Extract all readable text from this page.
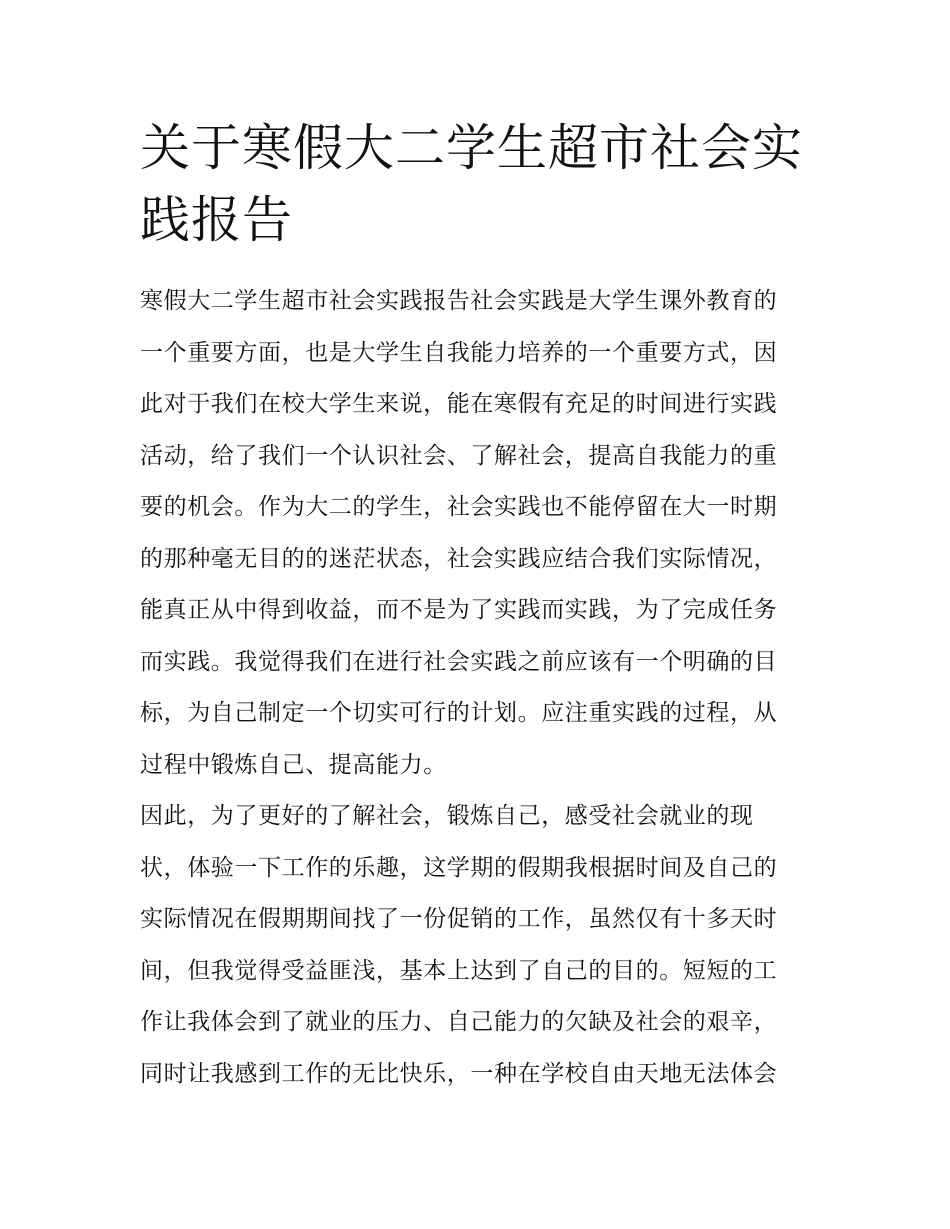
关于寒假大二学生超市社会实
践报告
寒假大二学生超市社会实践报告社会实践是大学生课外教育的
一个重要方面，也是大学生自我能力培养的一个重要方式，因
此对于我们在校大学生来说，能在寒假有充足的时间进行实践
活动，给了我们一个认识社会、了解社会，提高自我能力的重
要的机会。作为大二的学生，社会实践也不能停留在大一时期
的那种毫无目的的迷茫状态，社会实践应结合我们实际情况，
能真正从中得到收益，而不是为了实践而实践，为了完成任务
而实践。我觉得我们在进行社会实践之前应该有一个明确的目
标，为自己制定一个切实可行的计划。应注重实践的过程，从
过程中锻炼自己、提高能力。
因此，为了更好的了解社会，锻炼自己，感受社会就业的现
状，体验一下工作的乐趣，这学期的假期我根据时间及自己的
实际情况在假期期间找了一份促销的工作，虽然仅有十多天时
间，但我觉得受益匪浅，基本上达到了自己的目的。短短的工
作让我体会到了就业的压力、自己能力的欠缺及社会的艰辛，
同时让我感到工作的无比快乐，一种在学校自由天地无法体会
